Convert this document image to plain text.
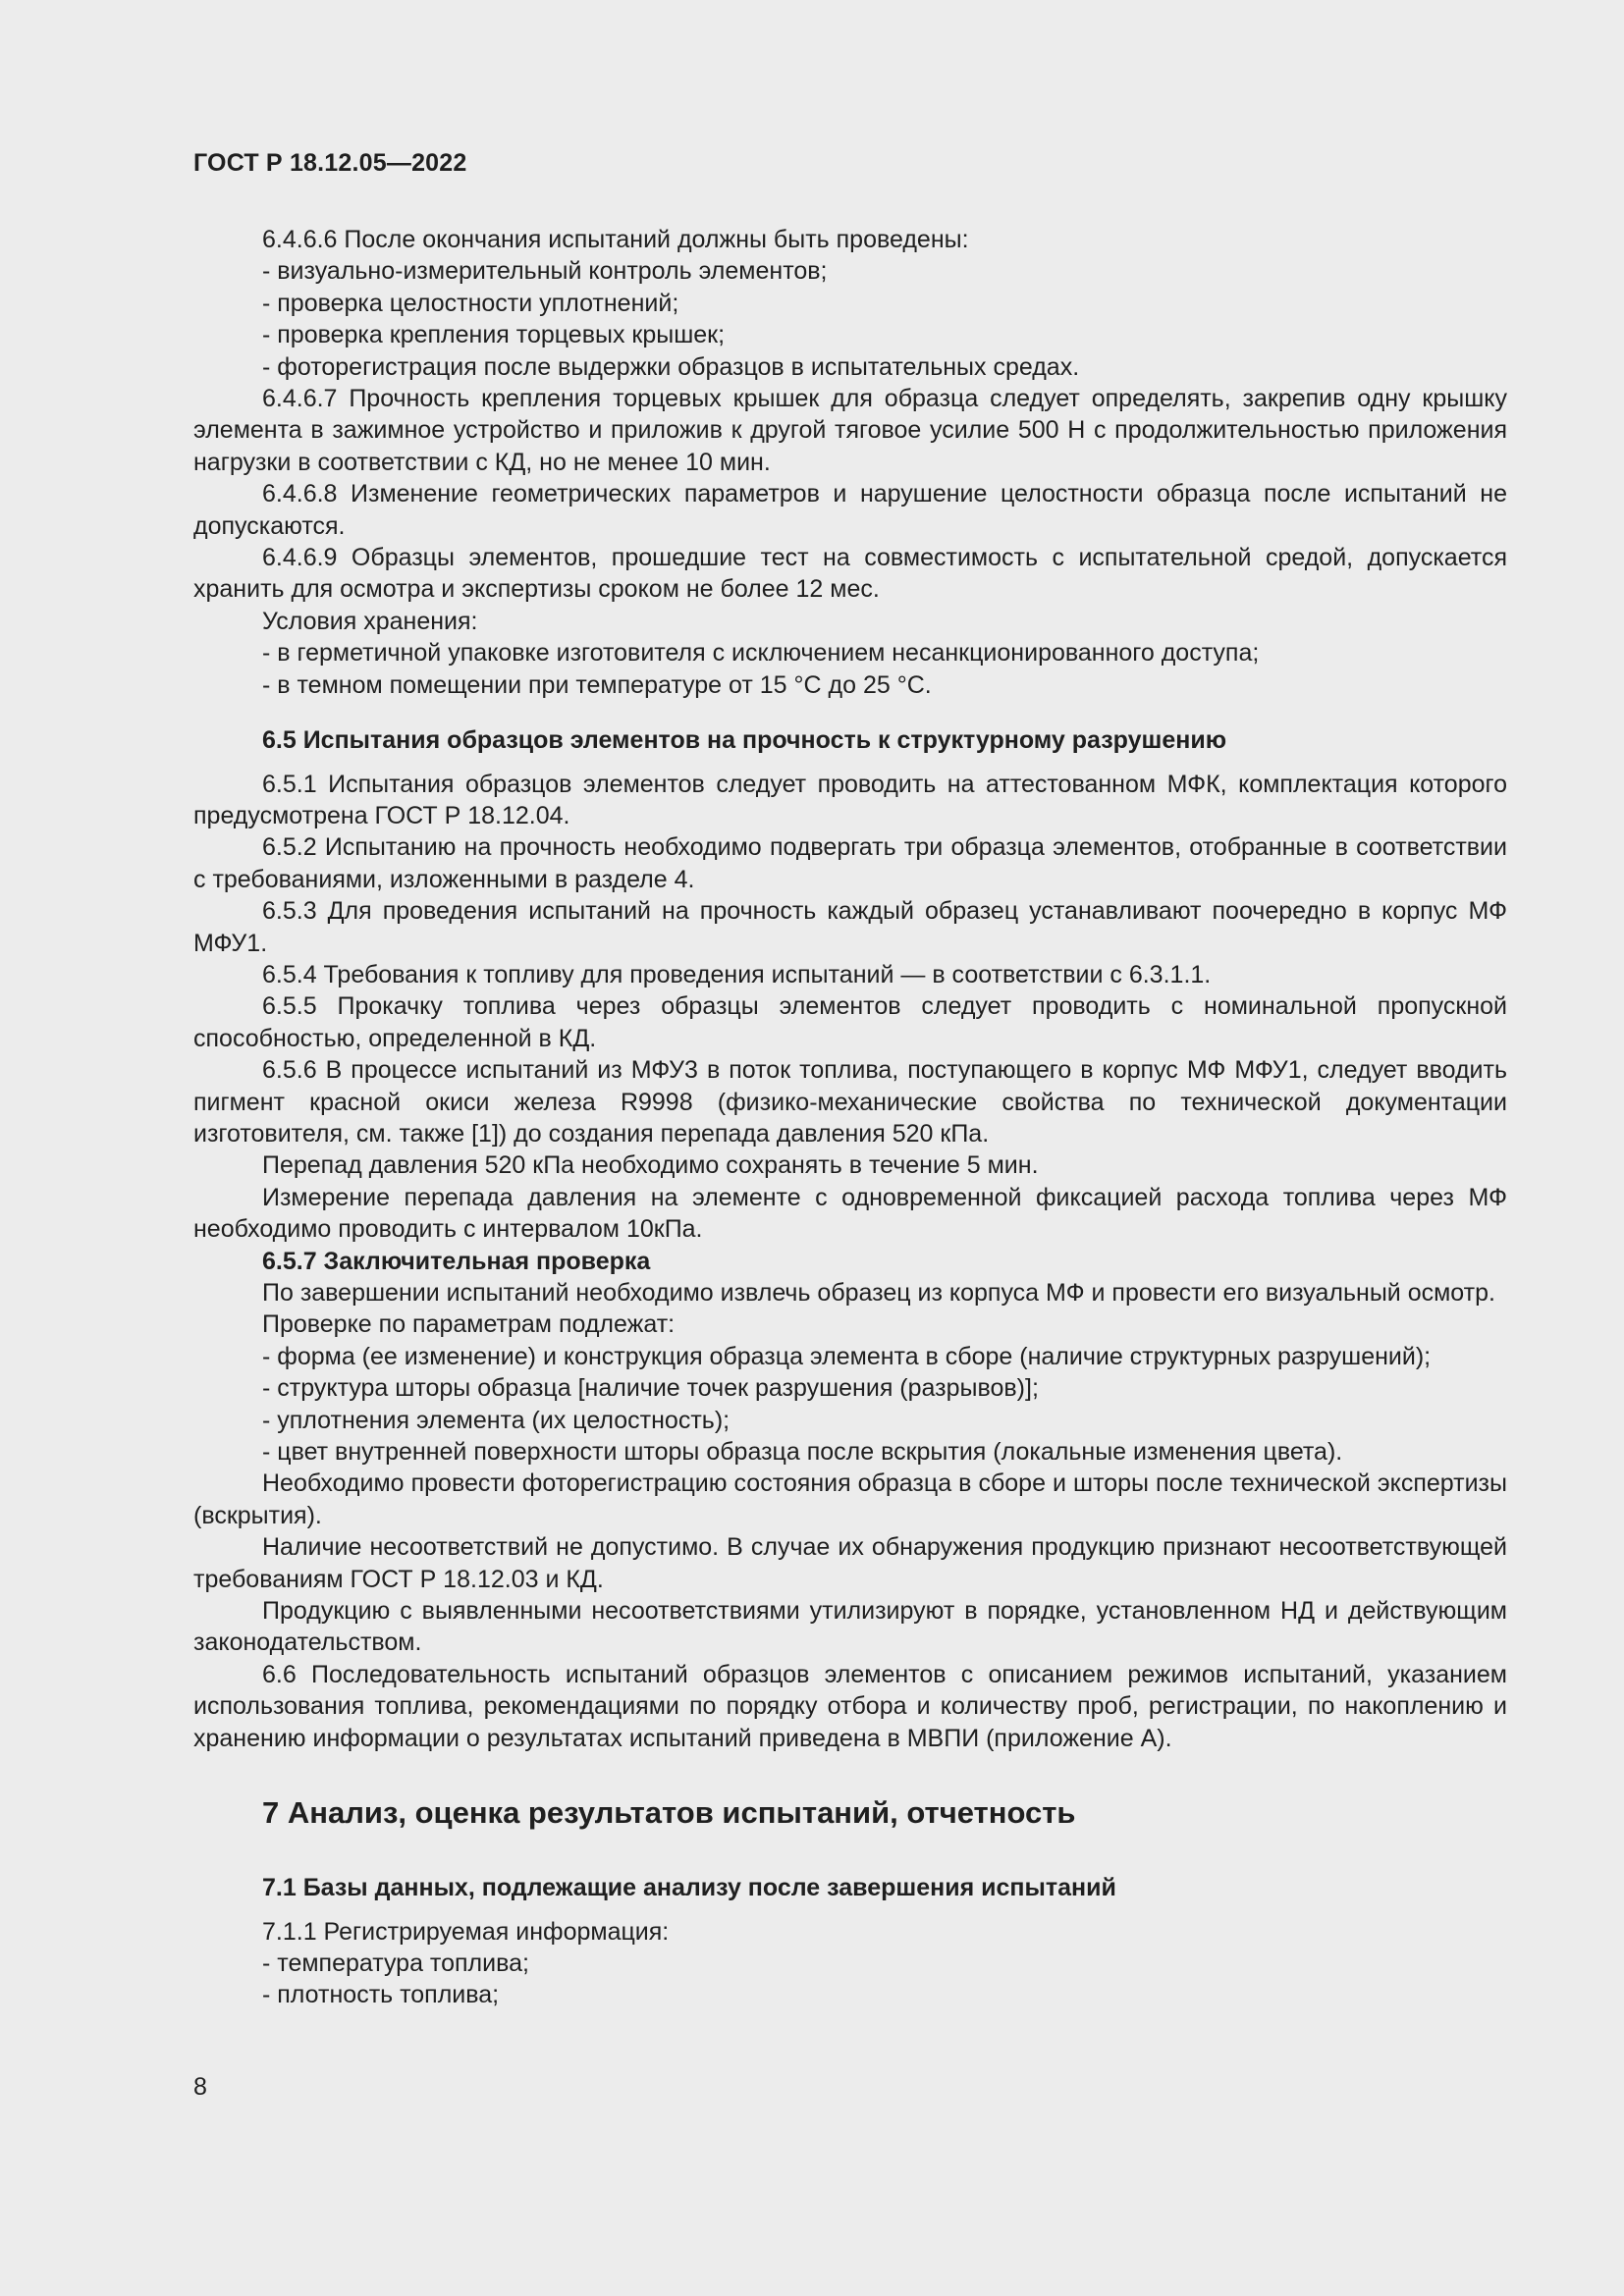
ГОСТ Р 18.12.05—2022
6.4.6.6 После окончания испытаний должны быть проведены:
- визуально-измерительный контроль элементов;
- проверка целостности уплотнений;
- проверка крепления торцевых крышек;
- фоторегистрация после выдержки образцов в испытательных средах.
6.4.6.7 Прочность крепления торцевых крышек для образца следует определять, закрепив одну крышку элемента в зажимное устройство и приложив к другой тяговое усилие 500 Н с продолжительностью приложения нагрузки в соответствии с КД, но не менее 10 мин.
6.4.6.8 Изменение геометрических параметров и нарушение целостности образца после испытаний не допускаются.
6.4.6.9 Образцы элементов, прошедшие тест на совместимость с испытательной средой, допускается хранить для осмотра и экспертизы сроком не более 12 мес.
Условия хранения:
- в герметичной упаковке изготовителя с исключением несанкционированного доступа;
- в темном помещении при температуре от 15 °С до 25 °С.
6.5 Испытания образцов элементов на прочность к структурному разрушению
6.5.1 Испытания образцов элементов следует проводить на аттестованном МФК, комплектация которого предусмотрена ГОСТ Р 18.12.04.
6.5.2 Испытанию на прочность необходимо подвергать три образца элементов, отобранные в соответствии с требованиями, изложенными в разделе 4.
6.5.3 Для проведения испытаний на прочность каждый образец устанавливают поочередно в корпус МФ МФУ1.
6.5.4 Требования к топливу для проведения испытаний — в соответствии с 6.3.1.1.
6.5.5 Прокачку топлива через образцы элементов следует проводить с номинальной пропускной способностью, определенной в КД.
6.5.6 В процессе испытаний из МФУ3 в поток топлива, поступающего в корпус МФ МФУ1, следует вводить пигмент красной окиси железа R9998 (физико-механические свойства по технической документации изготовителя, см. также [1]) до создания перепада давления 520 кПа.
Перепад давления 520 кПа необходимо сохранять в течение 5 мин.
Измерение перепада давления на элементе с одновременной фиксацией расхода топлива через МФ необходимо проводить с интервалом 10кПа.
6.5.7 Заключительная проверка
По завершении испытаний необходимо извлечь образец из корпуса МФ и провести его визуальный осмотр.
Проверке по параметрам подлежат:
- форма (ее изменение) и конструкция образца элемента в сборе (наличие структурных разрушений);
- структура шторы образца [наличие точек разрушения (разрывов)];
- уплотнения элемента (их целостность);
- цвет внутренней поверхности шторы образца после вскрытия (локальные изменения цвета).
Необходимо провести фоторегистрацию состояния образца в сборе и шторы после технической экспертизы (вскрытия).
Наличие несоответствий не допустимо. В случае их обнаружения продукцию признают несоответствующей требованиям ГОСТ Р 18.12.03 и КД.
Продукцию с выявленными несоответствиями утилизируют в порядке, установленном НД и действующим законодательством.
6.6 Последовательность испытаний образцов элементов с описанием режимов испытаний, указанием использования топлива, рекомендациями по порядку отбора и количеству проб, регистрации, по накоплению и хранению информации о результатах испытаний приведена в МВПИ (приложение А).
7 Анализ, оценка результатов испытаний, отчетность
7.1 Базы данных, подлежащие анализу после завершения испытаний
7.1.1 Регистрируемая информация:
- температура топлива;
- плотность топлива;
8
